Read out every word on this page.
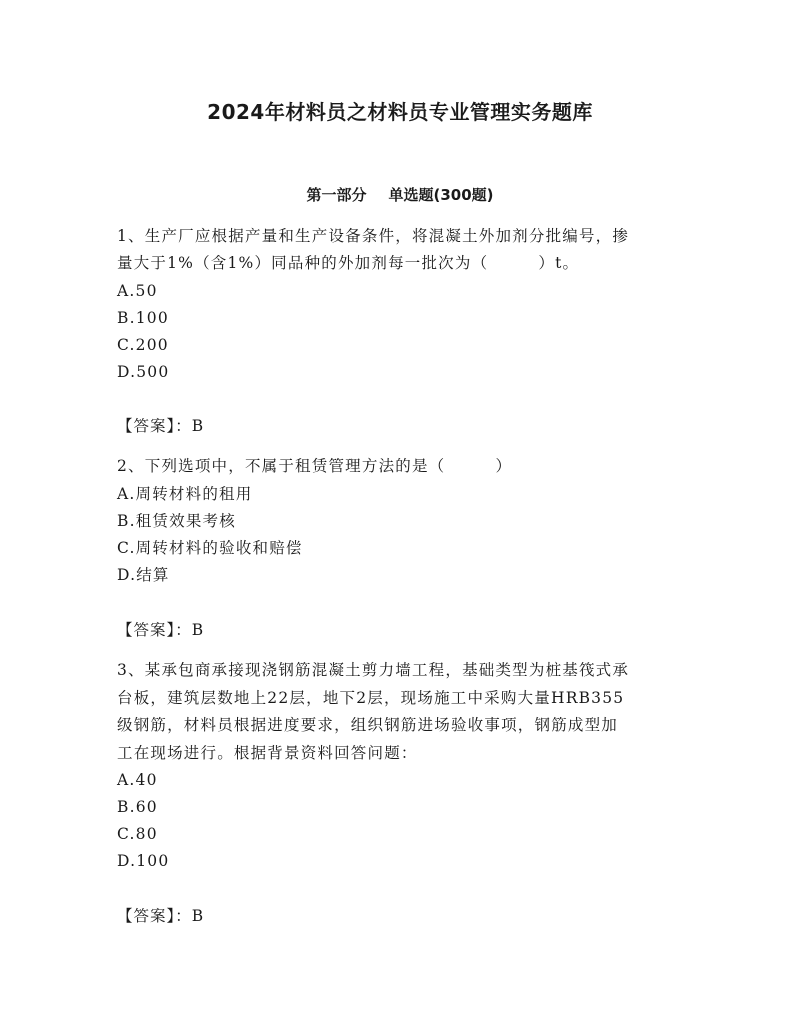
2024年材料员之材料员专业管理实务题库
第一部分 单选题(300题)
1、生产厂应根据产量和生产设备条件，将混凝土外加剂分批编号，掺
量大于1%（含1%）同品种的外加剂每一批次为（　　　）t。
A.50
B.100
C.200
D.500
【答案】：B
2、下列选项中，不属于租赁管理方法的是（　　　）
A.周转材料的租用
B.租赁效果考核
C.周转材料的验收和赔偿
D.结算
【答案】：B
3、某承包商承接现浇钢筋混凝土剪力墙工程，基础类型为桩基筏式承
台板，建筑层数地上22层，地下2层，现场施工中采购大量HRB355
级钢筋，材料员根据进度要求，组织钢筋进场验收事项，钢筋成型加
工在现场进行。根据背景资料回答问题：
A.40
B.60
C.80
D.100
【答案】：B
